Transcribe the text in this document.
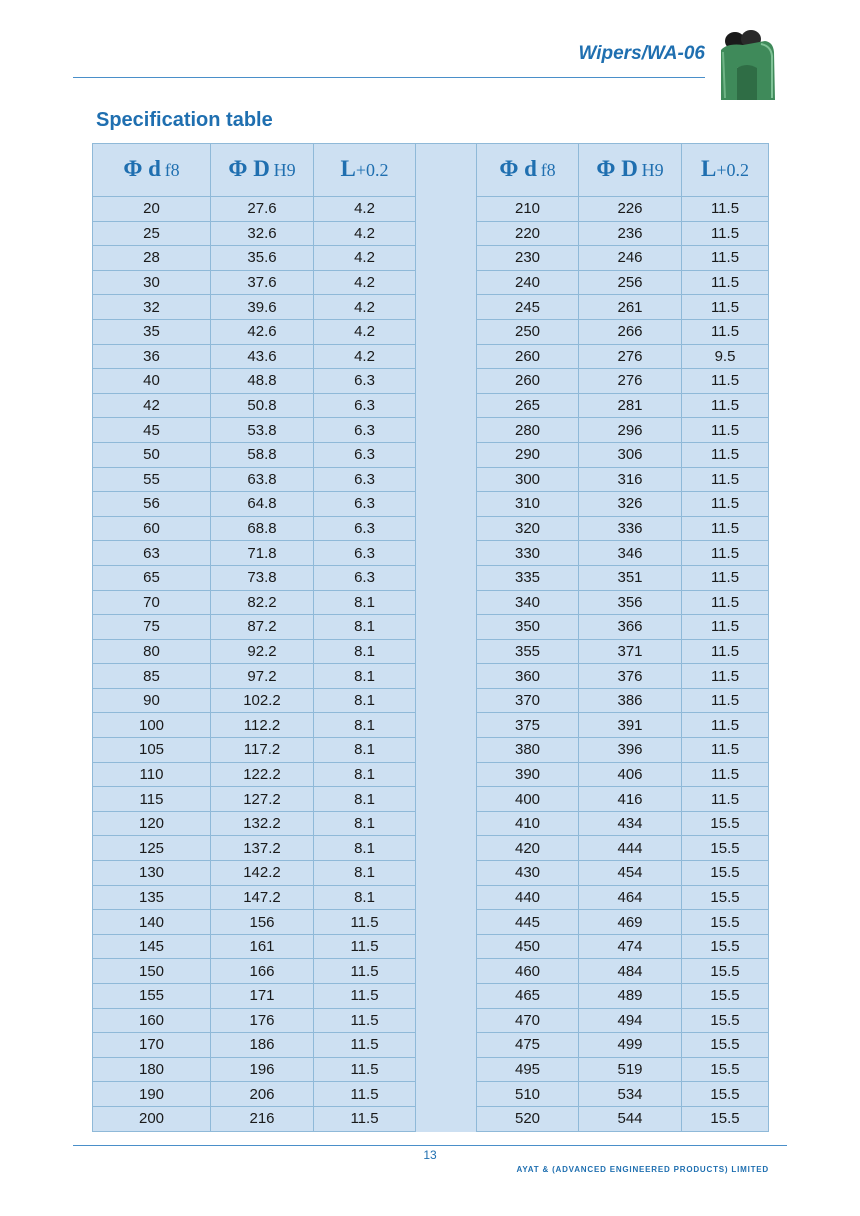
Wipers/WA-06
Specification table
Φ d f8	Φ D H9	L+0.2		Φ d f8	Φ D H9	L+0.2
20	27.6	4.2		210	226	11.5
25	32.6	4.2		220	236	11.5
28	35.6	4.2		230	246	11.5
30	37.6	4.2		240	256	11.5
32	39.6	4.2		245	261	11.5
35	42.6	4.2		250	266	11.5
36	43.6	4.2		260	276	9.5
40	48.8	6.3		260	276	11.5
42	50.8	6.3		265	281	11.5
45	53.8	6.3		280	296	11.5
50	58.8	6.3		290	306	11.5
55	63.8	6.3		300	316	11.5
56	64.8	6.3		310	326	11.5
60	68.8	6.3		320	336	11.5
63	71.8	6.3		330	346	11.5
65	73.8	6.3		335	351	11.5
70	82.2	8.1		340	356	11.5
75	87.2	8.1		350	366	11.5
80	92.2	8.1		355	371	11.5
85	97.2	8.1		360	376	11.5
90	102.2	8.1		370	386	11.5
100	112.2	8.1		375	391	11.5
105	117.2	8.1		380	396	11.5
110	122.2	8.1		390	406	11.5
115	127.2	8.1		400	416	11.5
120	132.2	8.1		410	434	15.5
125	137.2	8.1		420	444	15.5
130	142.2	8.1		430	454	15.5
135	147.2	8.1		440	464	15.5
140	156	11.5		445	469	15.5
145	161	11.5		450	474	15.5
150	166	11.5		460	484	15.5
155	171	11.5		465	489	15.5
160	176	11.5		470	494	15.5
170	186	11.5		475	499	15.5
180	196	11.5		495	519	15.5
190	206	11.5		510	534	15.5
200	216	11.5		520	544	15.5
13
AYAT & (ADVANCED ENGINEERED PRODUCTS) LIMITED
